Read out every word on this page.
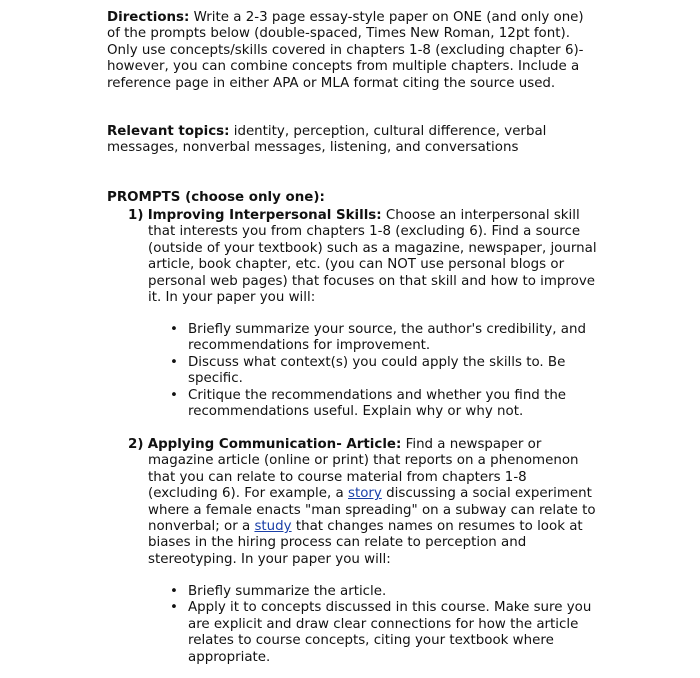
Directions: Write a 2-3 page essay-style paper on ONE (and only one) of the prompts below (double-spaced, Times New Roman, 12pt font). Only use concepts/skills covered in chapters 1-8 (excluding chapter 6)- however, you can combine concepts from multiple chapters. Include a reference page in either APA or MLA format citing the source used.

Relevant topics: identity, perception, cultural difference, verbal messages, nonverbal messages, listening, and conversations

PROMPTS (choose only one):

1) Improving Interpersonal Skills: Choose an interpersonal skill that interests you from chapters 1-8 (excluding 6). Find a source (outside of your textbook) such as a magazine, newspaper, journal article, book chapter, etc. (you can NOT use personal blogs or personal web pages) that focuses on that skill and how to improve it. In your paper you will:

• Briefly summarize your source, the author's credibility, and recommendations for improvement.
• Discuss what context(s) you could apply the skills to. Be specific.
• Critique the recommendations and whether you find the recommendations useful. Explain why or why not.

2) Applying Communication- Article: Find a newspaper or magazine article (online or print) that reports on a phenomenon that you can relate to course material from chapters 1-8 (excluding 6). For example, a story discussing a social experiment where a female enacts "man spreading" on a subway can relate to nonverbal; or a study that changes names on resumes to look at biases in the hiring process can relate to perception and stereotyping. In your paper you will:

• Briefly summarize the article.
• Apply it to concepts discussed in this course. Make sure you are explicit and draw clear connections for how the article relates to course concepts, citing your textbook where appropriate.
